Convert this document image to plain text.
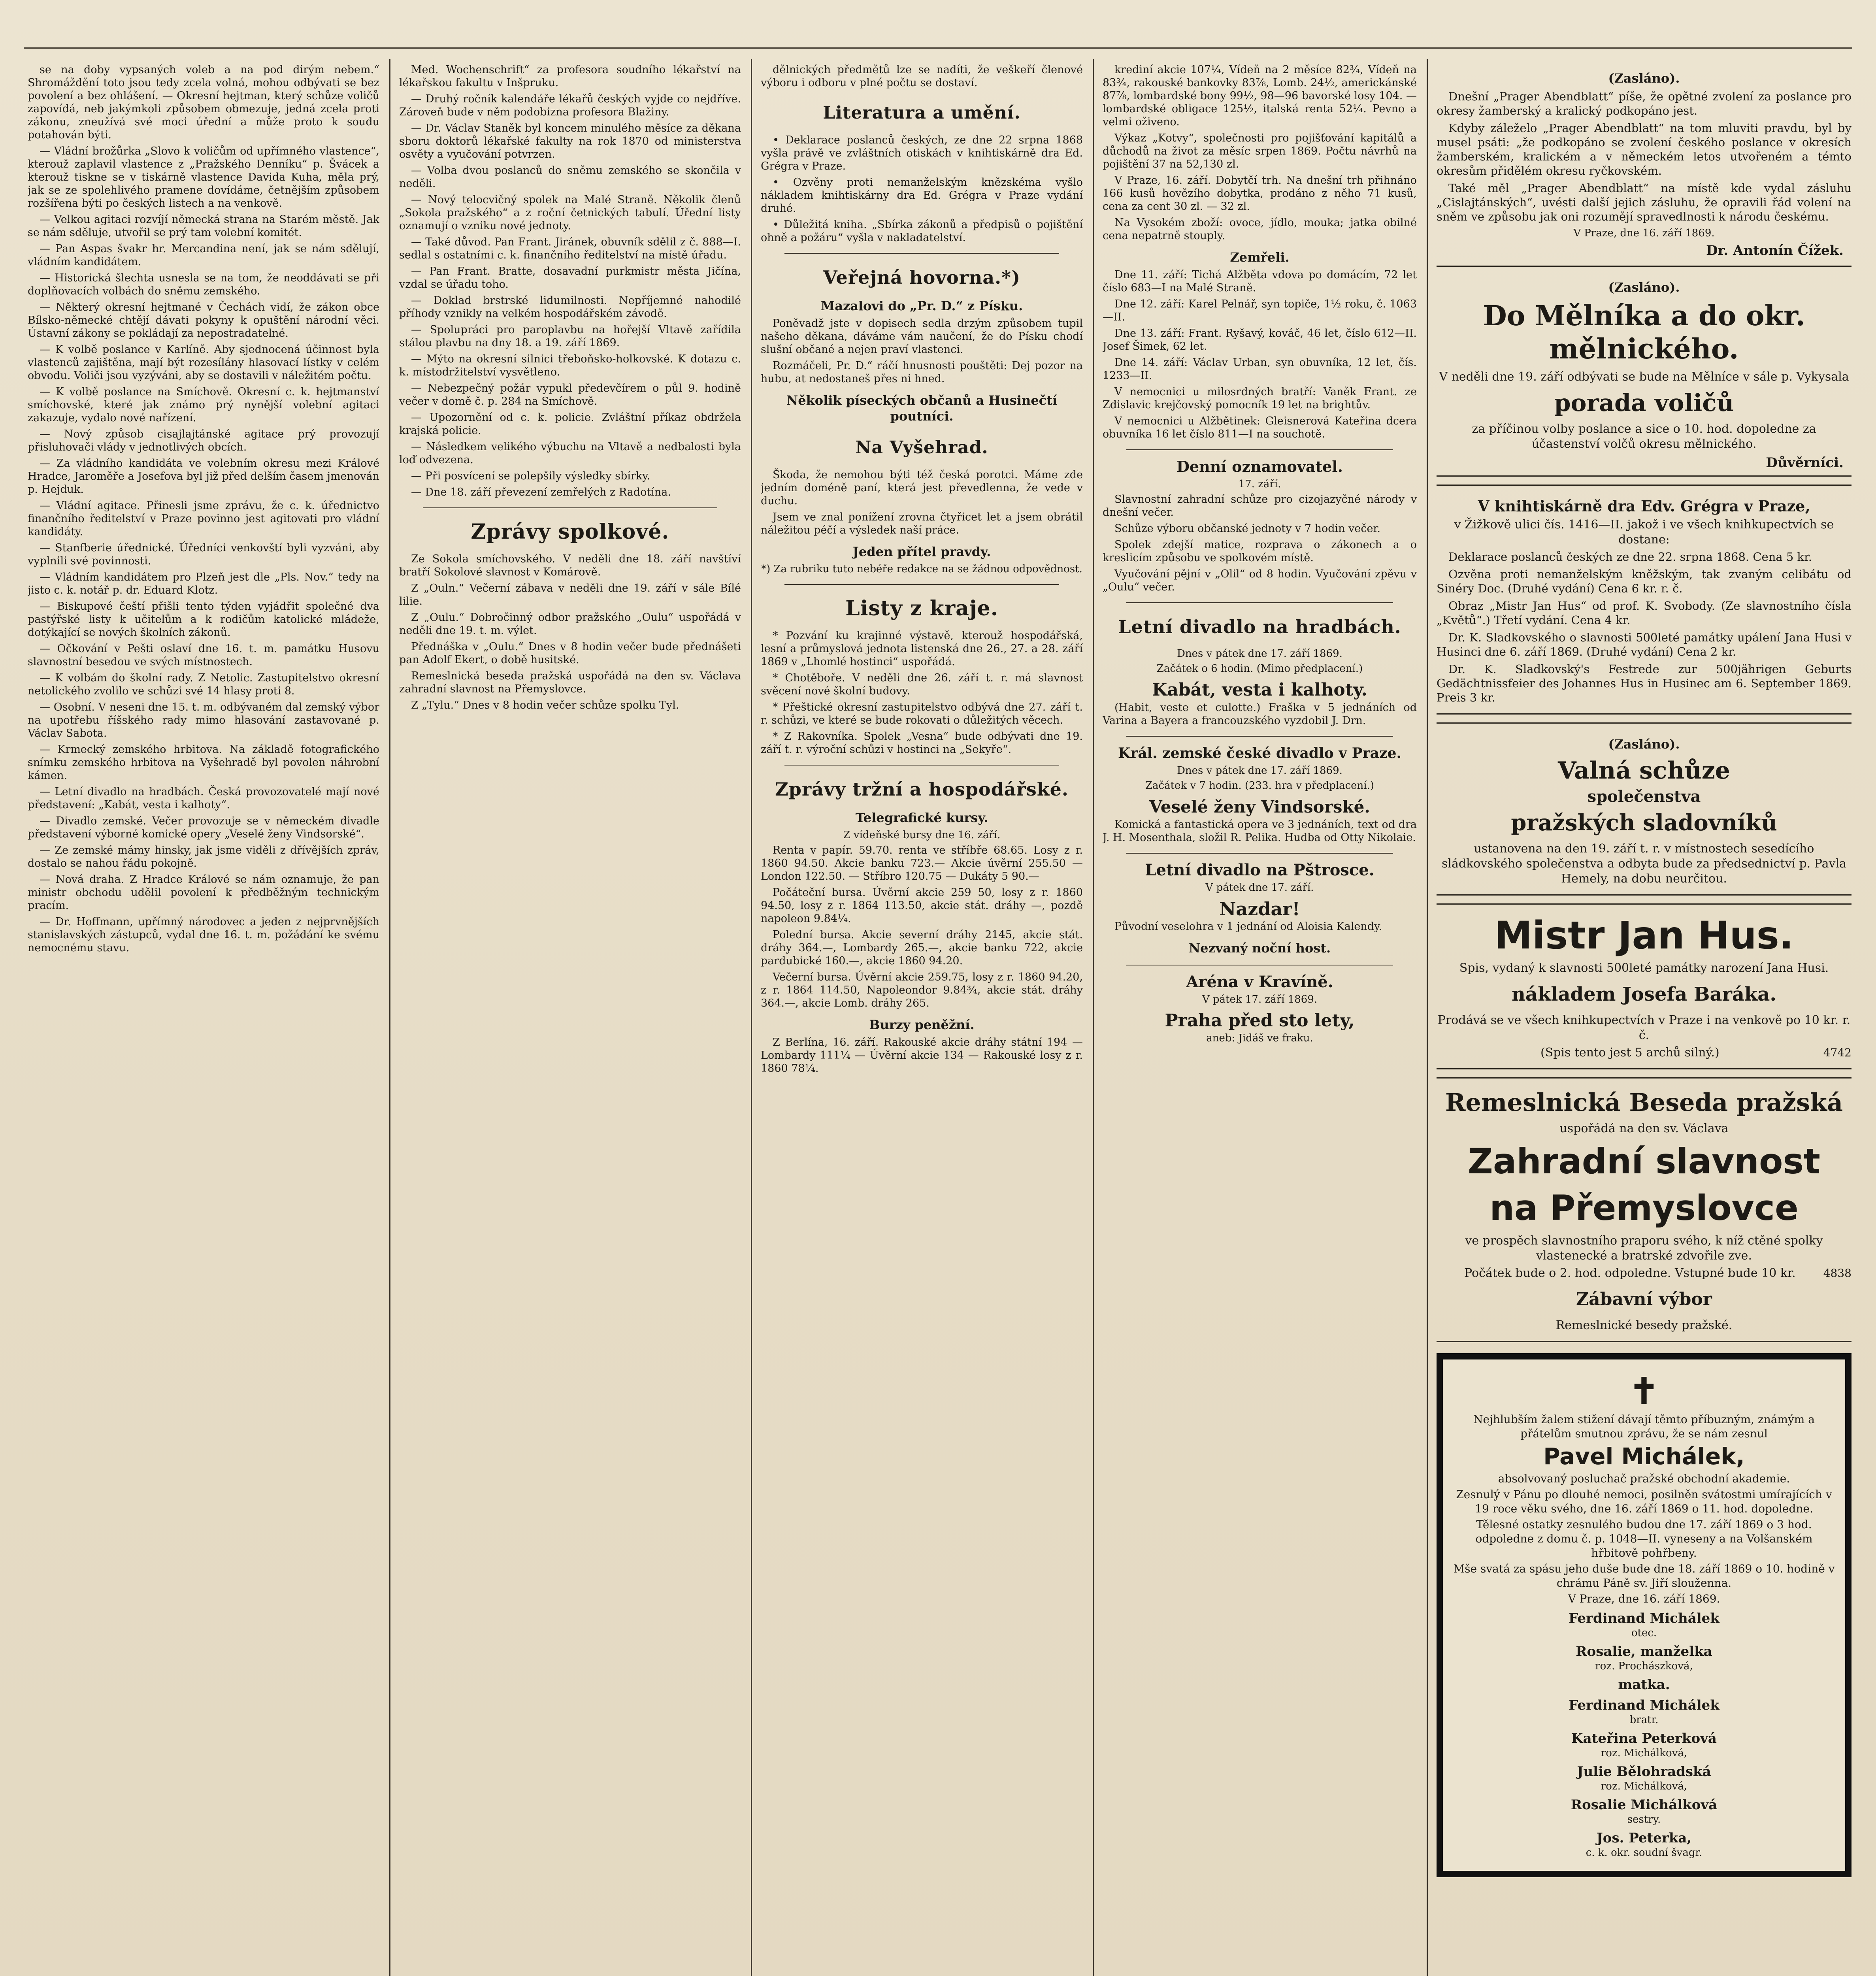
se na doby vypsaných voleb a na pod dirým nebem.“ Shromáždění toto jsou tedy zcela volná, mohou odbývati se bez povolení a bez ohlášení. — Okresní hejtman, který schůze voličů zapovídá, neb jakýmkoli způsobem obmezuje, jedná zcela proti zákonu, zneužívá své moci úřední a může proto k soudu potahován býti.

— Vládní brožůrka „Slovo k voličům od upřímného vlastence“, kterouž zaplavil vlastence z „Pražského Denníku“ p. Švácek a kterouž tiskne se v tiskárně vlastence Davida Kuha, měla prý, jak se ze spolehlivého pramene dovídáme, četnějším způsobem rozšířena býti po českých listech a na venkově.

— Velkou agitaci rozvíjí německá strana na Starém městě. Jak se nám sděluje, utvořil se prý tam volební komitét.

— Pan Aspas švakr hr. Mercandina není, jak se nám sdělují, vládním kandidátem.

— Historická šlechta usnesla se na tom, že neoddávati se při doplňovacích volbách do sněmu zemského.

— Některý okresní hejtmané v Čechách vidí, že zákon obce Bílsko-německé chtějí dávati pokyny k opuštění národní věci. Ústavní zákony se pokládají za nepostradatelné.

— K volbě poslance v Karlíně. Aby sjednocená účinnost byla vlastenců zajištěna, mají být rozesílány hlasovací lístky v celém obvodu. Voliči jsou vyzýváni, aby se dostavili v náležitém počtu.

— K volbě poslance na Smíchově. Okresní c. k. hejtmanství smíchovské, které jak známo prý nynější volební agitaci zakazuje, vydalo nové nařízení.

— Nový způsob cisajlajtánské agitace prý provozují přisluhovači vlády v jednotlivých obcích.

— Za vládního kandidáta ve volebním okresu mezi Králové Hradce, Jaroměře a Josefova byl již před delším časem jmenován p. Hejduk.

— Vládní agitace. Přinesli jsme zprávu, že c. k. úřednictvo finančního ředitelství v Praze povinno jest agitovati pro vládní kandidáty.

— Stanfberie úřednické. Úředníci venkovští byli vyzváni, aby vyplnili své povinnosti.

— Vládním kandidátem pro Plzeň jest dle „Pls. Nov.“ tedy na jisto c. k. notář p. dr. Eduard Klotz.

— Biskupové čeští přišli tento týden vyjádřit společné dva pastýřské listy k učitelům a k rodičům katolické mládeže, dotýkající se nových školních zákonů.

— Očkování v Pešti oslaví dne 16. t. m. památku Husovu slavnostní besedou ve svých místnostech.

— K volbám do školní rady. Z Netolic. Zastupitelstvo okresní netolického zvolilo ve schůzi své 14 hlasy proti 8.

— Osobní. V neseni dne 15. t. m. odbývaném dal zemský výbor na upotřebu říšského rady mimo hlasování zastavované p. Václav Sabota.

— Krmecký zemského hrbitova. Na základě fotografického snímku zemského hrbitova na Vyšehradě byl povolen náhrobní kámen.

— Letní divadlo na hradbách. Česká provozovatelé mají nové představení: „Kabát, vesta i kalhoty“.

— Divadlo zemské. Večer provozuje se v německém divadle představení výborné komické opery „Veselé ženy Vindsorské“.

— Ze zemské mámy hinsky, jak jsme viděli z dřívějších zpráv, dostalo se nahou řádu pokojně.

— Nová draha. Z Hradce Králové se nám oznamuje, že pan ministr obchodu udělil povolení k předběžným technickým pracím.

— Dr. Hoffmann, upřímný národovec a jeden z nejprvnějších stanislavských zástupců, vydal dne 16. t. m. požádání ke svému nemocnému stavu.

Med. Wochenschrift“ za profesora soudního lékařství na lékařskou fakultu v Inšpruku.

— Druhý ročník kalendáře lékařů českých vyjde co nejdříve. Zároveň bude v něm podobizna profesora Blažiny.

— Dr. Václav Staněk byl koncem minulého měsíce za děkana sboru doktorů lékařské fakulty na rok 1870 od ministerstva osvěty a vyučování potvrzen.

— Volba dvou poslanců do sněmu zemského se skončila v neděli.

— Nový telocvičný spolek na Malé Straně. Několik členů „Sokola pražského“ a z roční četnických tabulí. Úřední listy oznamují o vzniku nové jednoty.

— Také důvod. Pan Frant. Jiránek, obuvník sdělil z č. 888—I. sedlal s ostatními c. k. finančního ředitelství na místě úřadu.

— Pan Frant. Bratte, dosavadní purkmistr města Jičína, vzdal se úřadu toho.

— Doklad brstrské lidumilnosti. Nepříjemné nahodilé příhody vznikly na velkém hospodářském závodě.

— Spolupráci pro paroplavbu na hořejší Vltavě zařídila stálou plavbu na dny 18. a 19. září 1869.

— Mýto na okresní silnici třeboňsko-holkovské. K dotazu c. k. místodržitelství vysvětleno.

— Nebezpečný požár vypukl předevčírem o půl 9. hodině večer v domě č. p. 284 na Smíchově.

— Upozornění od c. k. policie. Zvláštní příkaz obdržela krajská policie.

— Následkem velikého výbuchu na Vltavě a nedbalosti byla loď odvezena.

— Při posvícení se polepšily výsledky sbírky.

— Dne 18. září převezení zemřelých z Radotína.

Zprávy spolkové.

Ze Sokola smíchovského. V neděli dne 18. září navštíví bratří Sokolové slavnost v Komárově.

Z „Ouln.“ Večerní zábava v neděli dne 19. září v sále Bílé lilie.

Z „Oulu.“ Dobročinný odbor pražského „Oulu“ uspořádá v neděli dne 19. t. m. výlet.

Přednáška v „Oulu.“ Dnes v 8 hodin večer bude přednášeti pan Adolf Ekert, o době husitské.

Remeslnická beseda pražská uspořádá na den sv. Václava zahradní slavnost na Přemyslovce.

Z „Tylu.“ Dnes v 8 hodin večer schůze spolku Tyl.

dělnických předmětů lze se nadíti, že veškeří členové výboru i odboru v plné počtu se dostaví.

Literatura a umění.

• Deklarace poslanců českých, ze dne 22 srpna 1868 vyšla právě ve zvláštních otiskách v knihtiskárně dra Ed. Grégra v Praze.

• Ozvěny proti nemanželským knězskéma vyšlo nákladem knihtiskárny dra Ed. Grégra v Praze vydání druhé.

• Důležitá kniha. „Sbírka zákonů a předpisů o pojištění ohně a požáru“ vyšla v nakladatelství.

Veřejná hovorna.*)
Mazalovi do „Pr. D.“ z Písku.

Poněvadž jste v dopisech sedla drzým způsobem tupil našeho děkana, dáváme vám naučení, že do Písku chodí slušní občané a nejen praví vlastenci.

Rozmáčeli, Pr. D.“ ráčí hnusnosti pouštěti: Dej pozor na hubu, at nedostaneš přes ni hned.

Několik píseckých občanů a Husinečtí poutníci.
Na Vyšehrad.

Škoda, že nemohou býti též česká porotci. Máme zde jedním doméně paní, která jest převedlenna, že vede v duchu.

Jsem ve znal ponížení zrovna čtyřicet let a jsem obrátil náležitou péčí a výsledek naší práce.

Jeden přítel pravdy.
*) Za rubriku tuto nebéře redakce na se žádnou odpovědnost.
Listy z kraje.

* Pozvání ku krajinné výstavě, kterouž hospodářská, lesní a průmyslová jednota listenská dne 26., 27. a 28. září 1869 v „Lhomlé hostinci“ uspořádá.

* Chotěboře. V neděli dne 26. září t. r. má slavnost svěcení nové školní budovy.

* Přeštické okresní zastupitelstvo odbývá dne 27. září t. r. schůzi, ve které se bude rokovati o důležitých věcech.

* Z Rakovníka. Spolek „Vesna“ bude odbývati dne 19. září t. r. výroční schůzi v hostinci na „Sekyře“.

Zprávy tržní a hospodářské.
Telegrafické kursy.
Z vídeňské bursy dne 16. září.

Renta v papír. 59.70. renta ve stříbře 68.65. Losy z r. 1860 94.50. Akcie banku 723.— Akcie úvěrní 255.50 — London 122.50. — Stříbro 120.75 — Dukáty 5 90.—

Počáteční bursa. Úvěrní akcie 259 50, losy z r. 1860 94.50, losy z r. 1864 113.50, akcie stát. dráhy —, pozdě napoleon 9.84¼.

Polední bursa. Akcie severní dráhy 2145, akcie stát. dráhy 364.—, Lombardy 265.—, akcie banku 722, akcie pardubické 160.—, akcie 1860 94.20.

Večerní bursa. Úvěrní akcie 259.75, losy z r. 1860 94.20, z r. 1864 114.50, Napoleondor 9.84¾, akcie stát. dráhy 364.—, akcie Lomb. dráhy 265.

Burzy peněžní.

Z Berlína, 16. září. Rakouské akcie dráhy státní 194 — Lombardy 111¼ — Úvěrní akcie 134 — Rakouské losy z r. 1860 78¼.

krediní akcie 107¼, Vídeň na 2 měsíce 82¾, Vídeň na 83¾, rakouské bankovky 83⅞, Lomb. 24½, americkánské 87⅞, lombardské bony 99½, 98—96 bavorské losy 104. — lombardské obligace 125½, italská renta 52¼. Pevno a velmi oživeno.

Výkaz „Kotvy“, společnosti pro pojišťování kapitálů a důchodů na život za měsíc srpen 1869. Počtu návrhů na pojištění 37 na 52,130 zl.

V Praze, 16. září. Dobytčí trh. Na dnešní trh přihnáno 166 kusů hovězího dobytka, prodáno z něho 71 kusů, cena za cent 30 zl. — 32 zl.

Na Vysokém zboží: ovoce, jídlo, mouka; jatka obilné cena nepatrně stouply.

Zemřeli.

Dne 11. září: Tichá Alžběta vdova po domácím, 72 let číslo 683—I na Malé Straně.

Dne 12. září: Karel Pelnář, syn topiče, 1½ roku, č. 1063—II.

Dne 13. září: Frant. Ryšavý, kováč, 46 let, číslo 612—II. Josef Šimek, 62 let.

Dne 14. září: Václav Urban, syn obuvníka, 12 let, čís. 1233—II.

V nemocnici u milosrdných bratří: Vaněk Frant. ze Zdislavic krejčovský pomocník 19 let na brightův.

V nemocnici u Alžbětinek: Gleisnerová Kateřina dcera obuvníka 16 let číslo 811—I na souchotě.

Denní oznamovatel.
17. září.

Slavnostní zahradní schůze pro cizojazyčné národy v dnešní večer.

Schůze výboru občanské jednoty v 7 hodin večer.

Spolek zdejší matice, rozprava o zákonech a o kreslicím způsobu ve spolkovém místě.

Vyučování pějní v „Olil“ od 8 hodin. Vyučování zpěvu v „Oulu“ večer.

Letní divadlo na hradbách.
Dnes v pátek dne 17. září 1869.
Začátek o 6 hodin. (Mimo předplacení.)
Kabát, vesta i kalhoty.

(Habit, veste et culotte.) Fraška v 5 jednáních od Varina a Bayera a francouzského vyzdobil J. Drn.

Král. zemské české divadlo v Praze.
Dnes v pátek dne 17. září 1869.
Začátek v 7 hodin. (233. hra v předplacení.)
Veselé ženy Vindsorské.

Komická a fantastická opera ve 3 jednáních, text od dra J. H. Mosenthala, složil R. Pelika. Hudba od Otty Nikolaie.

Letní divadlo na Pštrosce.
V pátek dne 17. září.
Nazdar!

Původní veselohra v 1 jednání od Aloisia Kalendy.

Nezvaný noční host.
Aréna v Kravíně.
V pátek 17. září 1869.
Praha před sto lety,
aneb: Jidáš ve fraku.
(Zasláno).

Dnešní „Prager Abendblatt“ píše, že opětné zvolení za poslance pro okresy žamberský a kralický podkopáno jest.

Kdyby záleželo „Prager Abendblatt“ na tom mluviti pravdu, byl by musel psáti: „že podkopáno se zvolení českého poslance v okresích žamberském, kralickém a v německém letos utvořeném a témto okresům přidělém okresu ryčkovském.

Také měl „Prager Abendblatt“ na místě kde vydal zásluhu „Cislajtánských“, uvésti další jejich zásluhu, že opravili řád volení na sněm ve způsobu jak oni rozumějí spravedlnosti k národu českému.

V Praze, dne 16. září 1869.
Dr. Antonín Čížek.
(Zasláno).
Do Mělníka a do okr. mělnického.
V neděli dne 19. září odbývati se bude na Mělníce v sále p. Vykysala
porada voličů
za příčinou volby poslance a sice o 10. hod. dopoledne za účastenství volčů okresu mělnického.
Důvěrníci.
V knihtiskárně dra Edv. Grégra v Praze,
v Žižkově ulici čís. 1416—II. jakož i ve všech knihkupectvích se dostane:

Deklarace poslanců českých ze dne 22. srpna 1868. Cena 5 kr.

Ozvěna proti nemanželským kněžským, tak zvaným celibátu od Sinéry Doc. (Druhé vydání) Cena 6 kr. r. č.

Obraz „Mistr Jan Hus“ od prof. K. Svobody. (Ze slavnostního čísla „Květů“.) Třetí vydání. Cena 4 kr.

Dr. K. Sladkovského o slavnosti 500leté památky upálení Jana Husi v Husinci dne 6. září 1869. (Druhé vydání) Cena 2 kr.

Dr. K. Sladkovský's Festrede zur 500jährigen Geburts Gedächtnissfeier des Johannes Hus in Husinec am 6. September 1869. Preis 3 kr.

(Zasláno).
Valná schůze
společenstva
pražských sladovníků
ustanovena na den 19. září t. r. v místnostech sesedícího sládkovského společenstva a odbyta bude za předsednictví p. Pavla Hemely, na dobu neurčitou.
Mistr Jan Hus.
Spis, vydaný k slavnosti 500leté památky narození Jana Husi.
nákladem Josefa Baráka.
Prodává se ve všech knihkupectvích v Praze i na venkově po 10 kr. r. č.
(Spis tento jest 5 archů silný.)	4742
Remeslnická Beseda pražská
uspořádá na den sv. Václava
Zahradní slavnost
na Přemyslovce
ve prospěch slavnostního praporu svého, k níž ctěné spolky vlastenecké a bratrské zdvořile zve.
Počátek bude o 2. hod. odpoledne. Vstupné bude 10 kr.	4838
Zábavní výbor
Remeslnické besedy pražské.
✝
Nejhlubším žalem stižení dávají těmto příbuzným, známým a přátelům smutnou zprávu, že se nám zesnul
Pavel Michálek,
absolvovaný posluchač pražské obchodní akademie.
Zesnulý v Pánu po dlouhé nemoci, posilněn svátostmi umírajících v 19 roce věku svého, dne 16. září 1869 o 11. hod. dopoledne.
Tělesné ostatky zesnulého budou dne 17. září 1869 o 3 hod. odpoledne z domu č. p. 1048—II. vyneseny a na Volšanském hřbitově pohřbeny.
Mše svatá za spásu jeho duše bude dne 18. září 1869 o 10. hodině v chrámu Páně sv. Jiří slouženna.
V Praze, dne 16. září 1869.
Ferdinand Michálek
otec.
Rosalie, manželka
roz. Prochászková,
matka.
Ferdinand Michálek
bratr.
Kateřina Peterková
roz. Michálková,
Julie Bělohradská
roz. Michálková,
Rosalie Michálková
sestry.
Jos. Peterka,
c. k. okr. soudní švagr.
